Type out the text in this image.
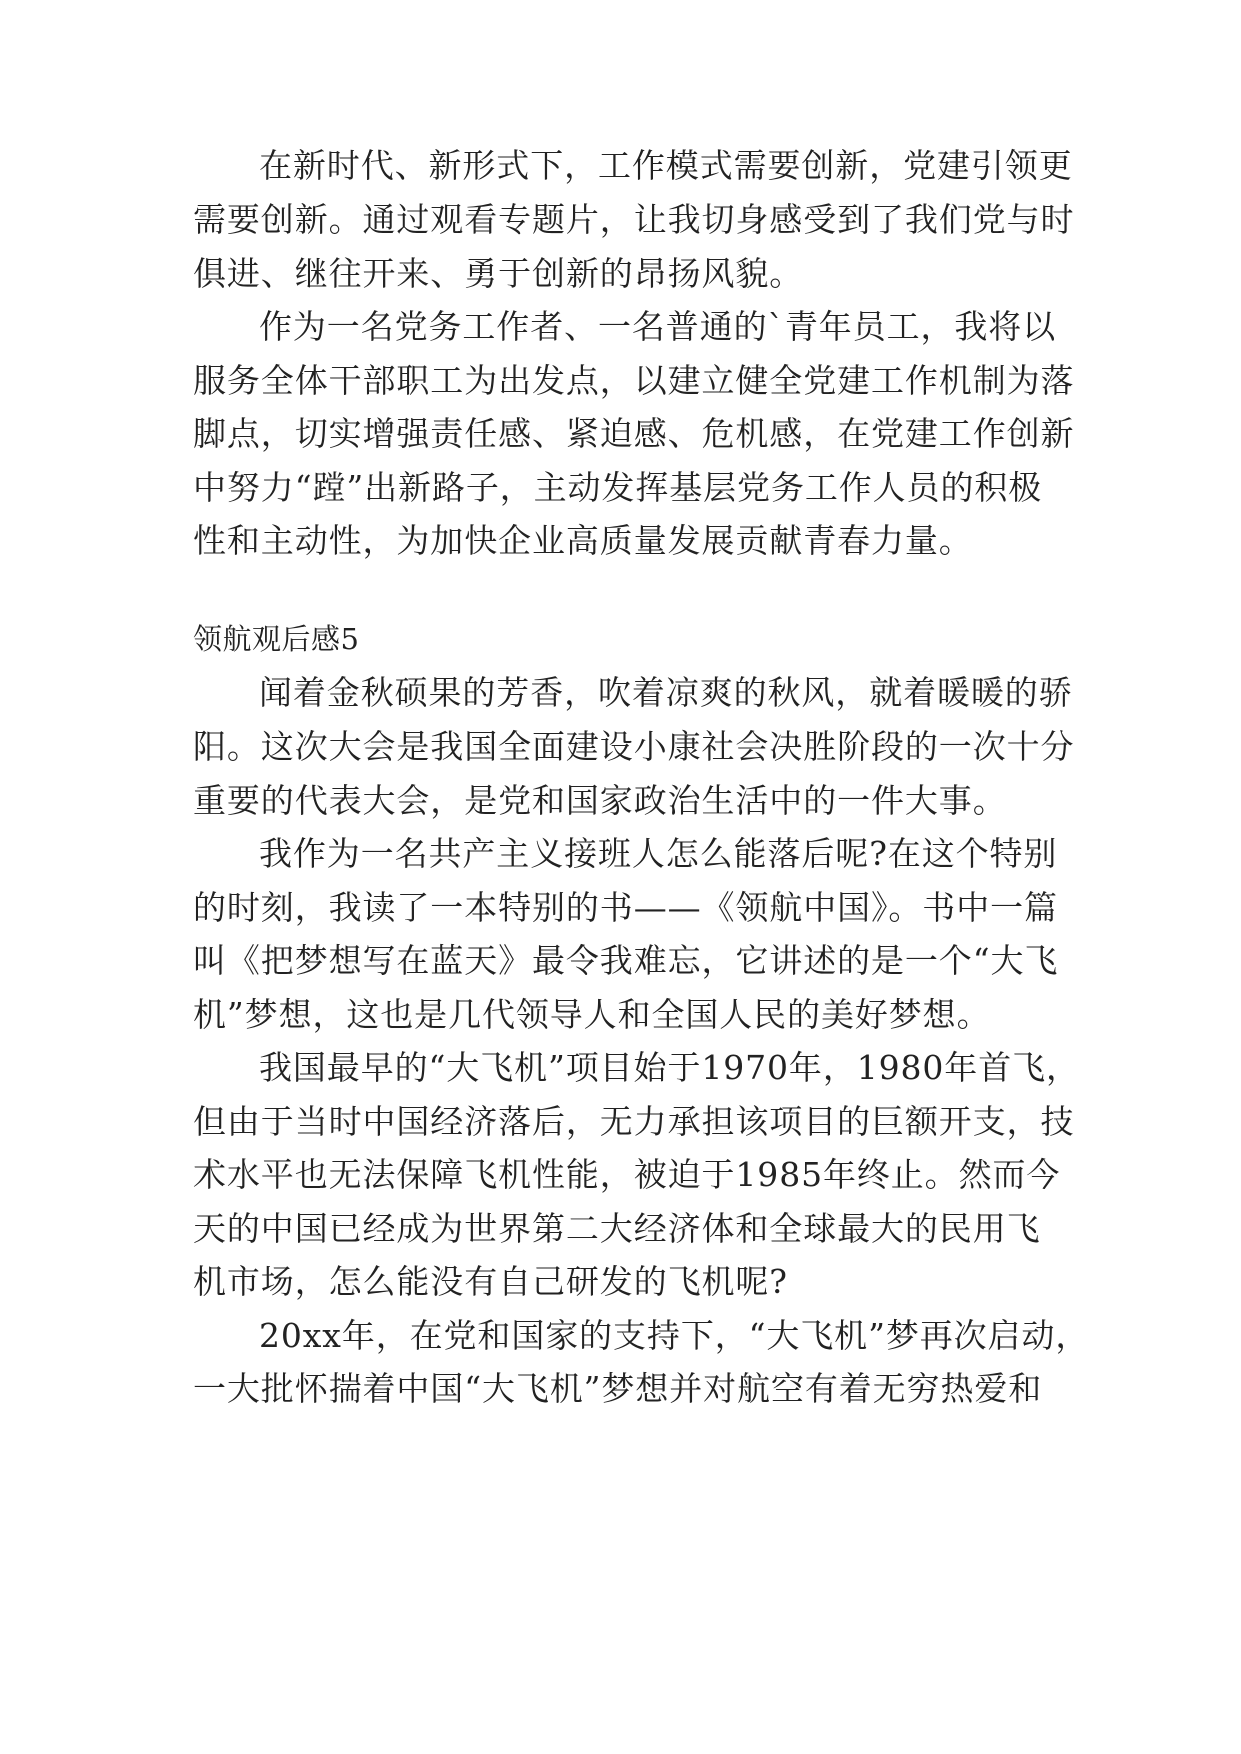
在新时代、新形式下，工作模式需要创新，党建引领更
需要创新。通过观看专题片，让我切身感受到了我们党与时
俱进、继往开来、勇于创新的昂扬风貌。
作为一名党务工作者、一名普通的`青年员工，我将以
服务全体干部职工为出发点，以建立健全党建工作机制为落
脚点，切实增强责任感、紧迫感、危机感，在党建工作创新
中努力“蹚”出新路子，主动发挥基层党务工作人员的积极
性和主动性，为加快企业高质量发展贡献青春力量。
领航观后感5
闻着金秋硕果的芳香，吹着凉爽的秋风，就着暖暖的骄
阳。这次大会是我国全面建设小康社会决胜阶段的一次十分
重要的代表大会，是党和国家政治生活中的一件大事。
我作为一名共产主义接班人怎么能落后呢?在这个特别
的时刻，我读了一本特别的书——《领航中国》。书中一篇
叫《把梦想写在蓝天》最令我难忘，它讲述的是一个“大飞
机”梦想，这也是几代领导人和全国人民的美好梦想。
我国最早的“大飞机”项目始于1970年，1980年首飞，
但由于当时中国经济落后，无力承担该项目的巨额开支，技
术水平也无法保障飞机性能，被迫于1985年终止。然而今
天的中国已经成为世界第二大经济体和全球最大的民用飞
机市场，怎么能没有自己研发的飞机呢?
20xx年，在党和国家的支持下，“大飞机”梦再次启动，
一大批怀揣着中国“大飞机”梦想并对航空有着无穷热爱和
